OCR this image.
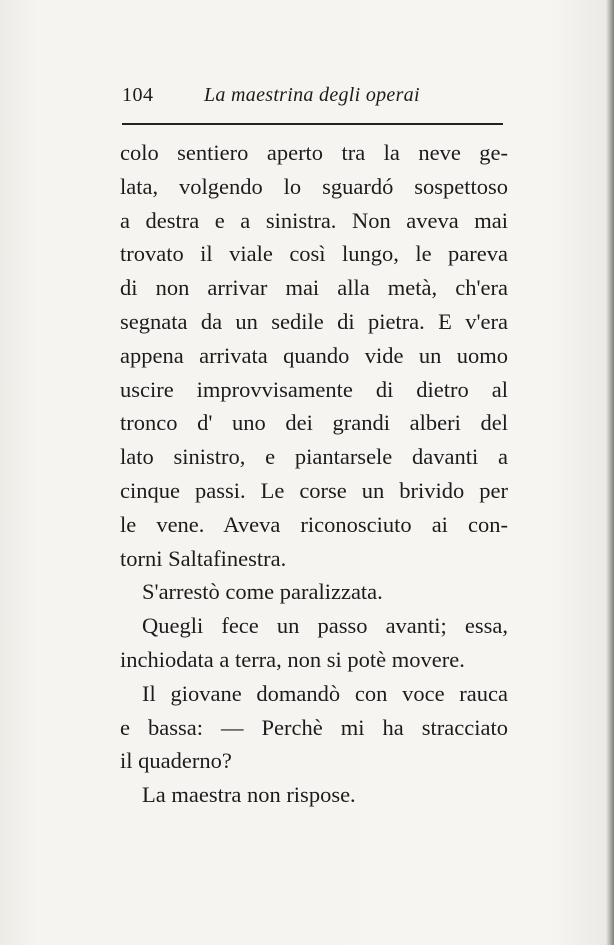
104	La maestrina degli operai
colo sentiero aperto tra la neve ge-
lata, volgendo lo sguardó sospettoso
a destra e a sinistra. Non aveva mai
trovato il viale così lungo, le pareva
di non arrivar mai alla metà, ch'era
segnata da un sedile di pietra. E v'era
appena arrivata quando vide un uomo
uscire improvvisamente di dietro al
tronco d' uno dei grandi alberi del
lato sinistro, e piantarsele davanti a
cinque passi. Le corse un brivido per
le vene. Aveva riconosciuto ai con-
torni Saltafinestra.
S'arrestò come paralizzata.
Quegli fece un passo avanti; essa,
inchiodata a terra, non si potè movere.
Il giovane domandò con voce rauca
e bassa: — Perchè mi ha stracciato
il quaderno?
La maestra non rispose.
